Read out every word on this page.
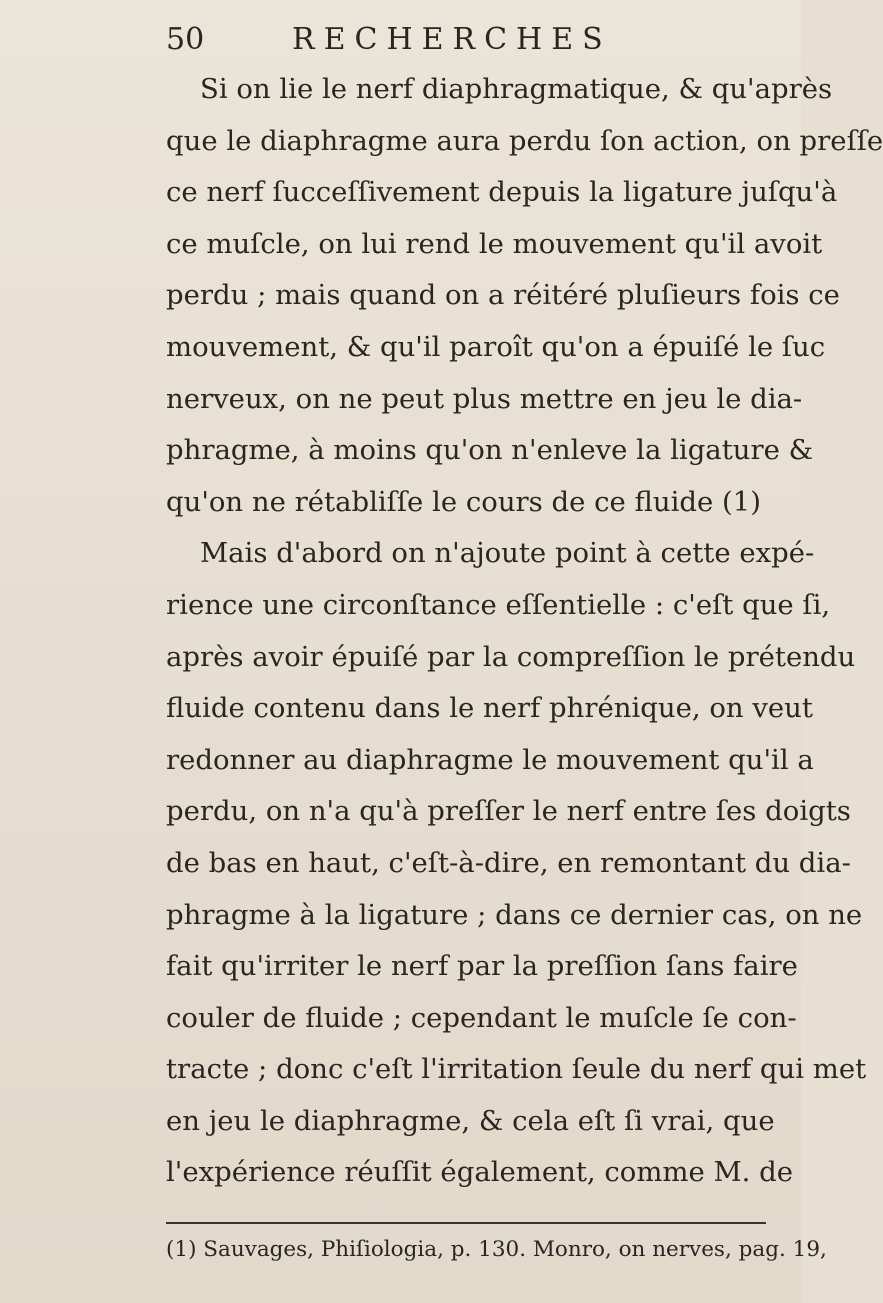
50	RECHERCHES
Si on lie le nerf diaphragmatique, & qu'après
que le diaphragme aura perdu ſon action, on preſſe
ce nerf ſucceſſivement depuis la ligature juſqu'à
ce muſcle, on lui rend le mouvement qu'il avoit
perdu ; mais quand on a réitéré pluſieurs fois ce
mouvement, & qu'il paroît qu'on a épuiſé le ſuc
nerveux, on ne peut plus mettre en jeu le dia-
phragme, à moins qu'on n'enleve la ligature &
qu'on ne rétabliſſe le cours de ce fluide (1)
Mais d'abord on n'ajoute point à cette expé-
rience une circonſtance eſſentielle : c'eſt que ſi,
après avoir épuiſé par la compreſſion le prétendu
fluide contenu dans le nerf phrénique, on veut
redonner au diaphragme le mouvement qu'il a
perdu, on n'a qu'à preſſer le nerf entre ſes doigts
de bas en haut, c'eſt-à-dire, en remontant du dia-
phragme à la ligature ; dans ce dernier cas, on ne
fait qu'irriter le nerf par la preſſion ſans faire
couler de fluide ; cependant le muſcle ſe con-
tracte ; donc c'eſt l'irritation ſeule du nerf qui met
en jeu le diaphragme, & cela eſt ſi vrai, que
l'expérience réuſſit également, comme M. de
(1) Sauvages, Phiſiologia, p. 130. Monro, on nerves, pag. 19,
